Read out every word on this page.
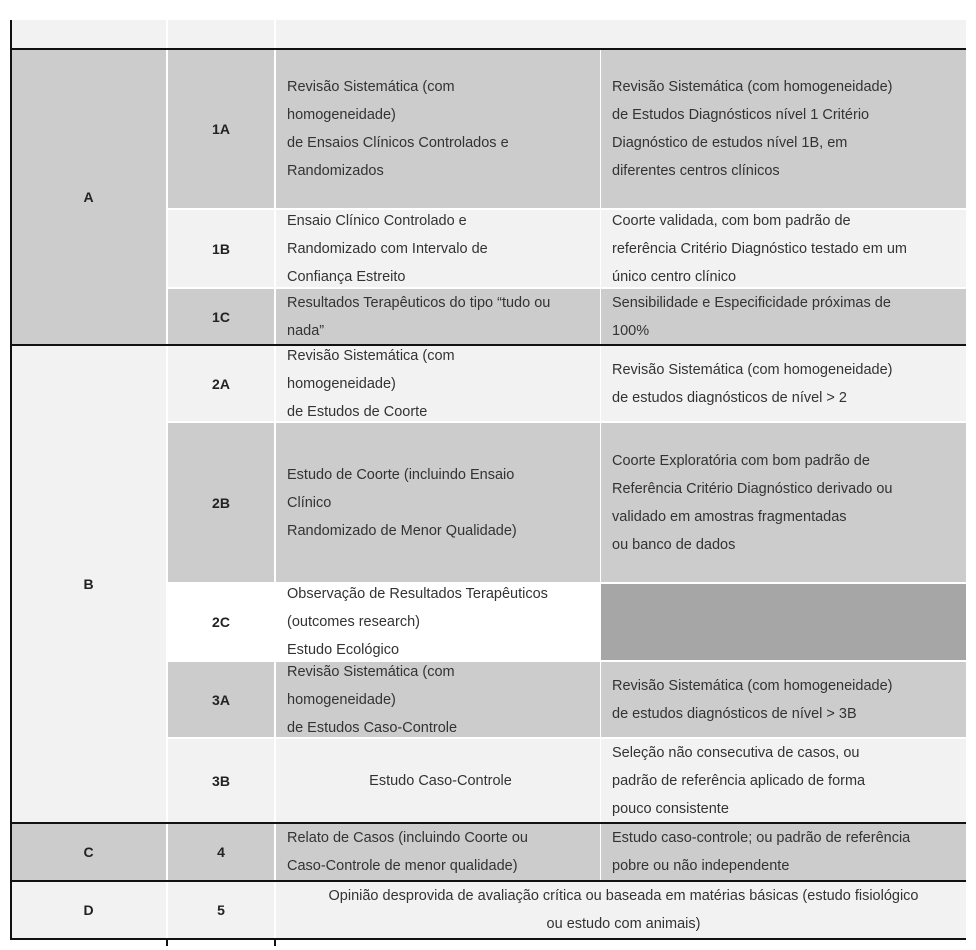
A
B
C
D
1A
Revisão Sistemática (com
homogeneidade)
de Ensaios Clínicos Controlados e
Randomizados
Revisão Sistemática (com homogeneidade)
de Estudos Diagnósticos nível 1 Critério
Diagnóstico de estudos nível 1B, em
diferentes centros clínicos
1B
Ensaio Clínico Controlado e
Randomizado com Intervalo de
Confiança Estreito
Coorte validada, com bom padrão de
referência Critério Diagnóstico testado em um
único centro clínico
1C
Resultados Terapêuticos do tipo “tudo ou
nada”
Sensibilidade e Especificidade próximas de
100%
2A
Revisão Sistemática (com
homogeneidade)
de Estudos de Coorte
Revisão Sistemática (com homogeneidade)
de estudos diagnósticos de nível > 2
2B
Estudo de Coorte (incluindo Ensaio
Clínico
Randomizado de Menor Qualidade)
Coorte Exploratória com bom padrão de
Referência Critério Diagnóstico derivado ou
validado em amostras fragmentadas
ou banco de dados
2C
Observação de Resultados Terapêuticos
(outcomes research)
Estudo Ecológico
3A
Revisão Sistemática (com
homogeneidade)
de Estudos Caso-Controle
Revisão Sistemática (com homogeneidade)
de estudos diagnósticos de nível > 3B
3B	Estudo Caso-Controle
Seleção não consecutiva de casos, ou
padrão de referência aplicado de forma
pouco consistente
4
Relato de Casos (incluindo Coorte ou
Caso-Controle de menor qualidade)
Estudo caso-controle; ou padrão de referência
pobre ou não independente
5
Opinião desprovida de avaliação crítica ou baseada em matérias básicas (estudo fisiológico
ou estudo com animais)
